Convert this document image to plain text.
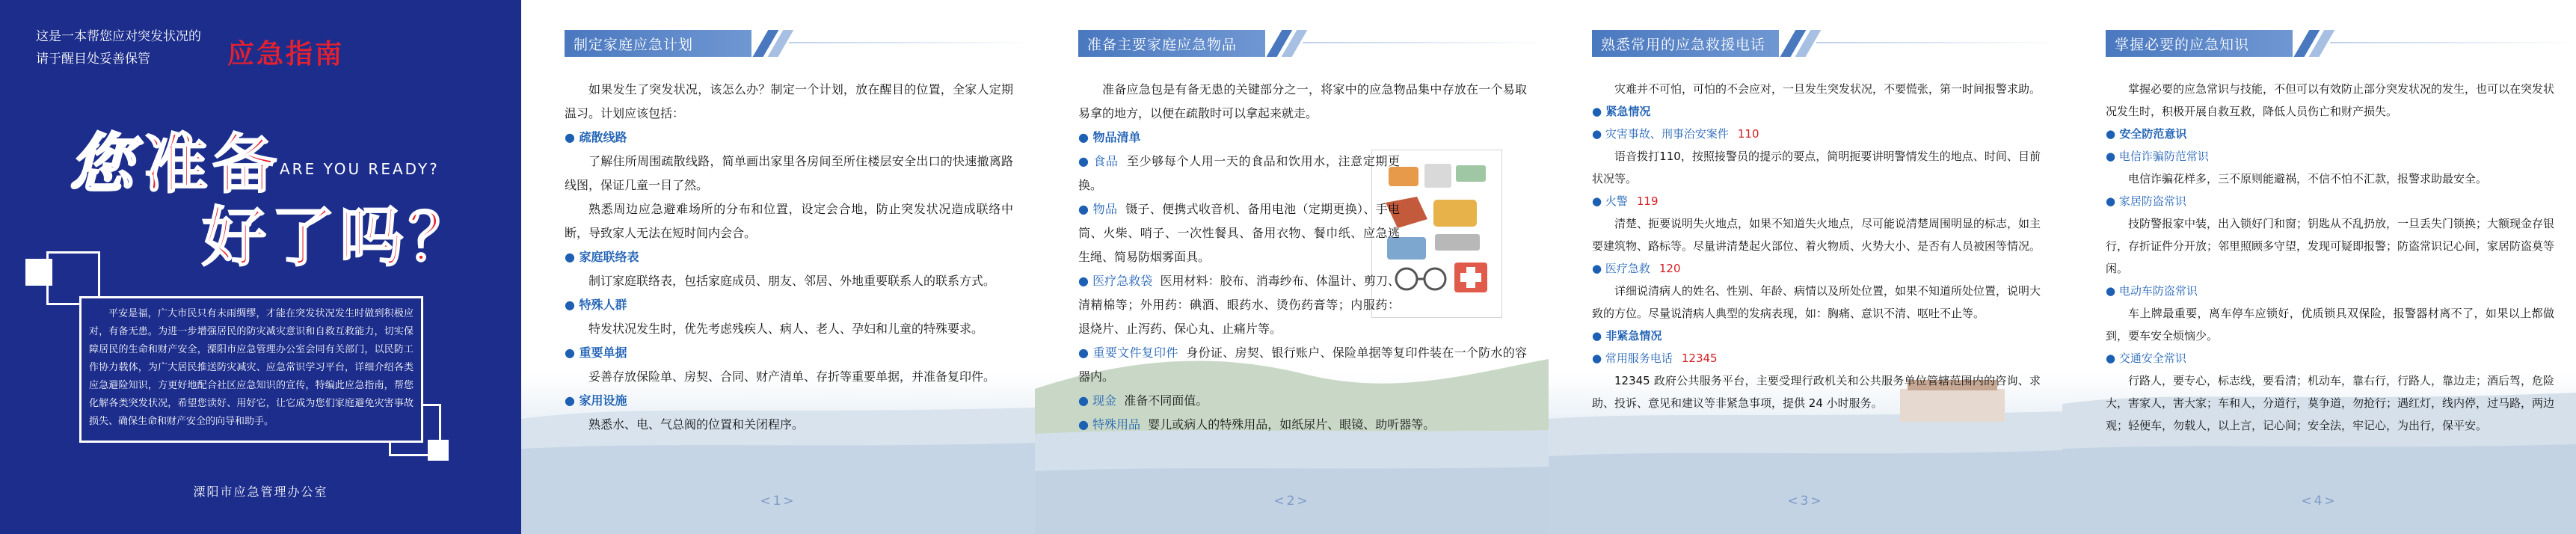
这是一本帮您应对突发状况的
请于醒目处妥善保管	应急指南
您 准备
ARE YOU READY?
好了吗？
平安是福，广大市民只有未雨绸缪，才能在突发状况发生时做到积极应对，有备无患。为进一步增强居民的防灾减灾意识和自救互救能力，切实保障居民的生命和财产安全，溧阳市应急管理办公室会同有关部门，以民防工作协力载体，为广大居民推送防灾减灾、应急常识学习平台，详细介绍各类应急避险知识，方更好地配合社区应急知识的宣传，特编此应急指南，帮您化解各类突发状况，希望您读好、用好它，让它成为您们家庭避免灾害事故损失、确保生命和财产安全的向导和助手。
溧阳市应急管理办公室
制定家庭应急计划

如果发生了突发状况，该怎么办？制定一个计划，放在醒目的位置，全家人定期温习。计划应该包括：

● 疏散线路

了解住所周围疏散线路，简单画出家里各房间至所住楼层安全出口的快速撤离路线图，保证几童一目了然。

熟悉周边应急避难场所的分布和位置，设定会合地，防止突发状况造成联络中断，导致家人无法在短时间内会合。

● 家庭联络表

制订家庭联络表，包括家庭成员、朋友、邻居、外地重要联系人的联系方式。

● 特殊人群

特发状况发生时，优先考虑残疾人、病人、老人、孕妇和儿童的特殊要求。

● 重要单据

妥善存放保险单、房契、合同、财产清单、存折等重要单据，并准备复印件。

● 家用设施

熟悉水、电、气总阀的位置和关闭程序。

<1>
准备主要家庭应急物品

准备应急包是有备无患的关键部分之一，将家中的应急物品集中存放在一个易取易拿的地方，以便在疏散时可以拿起来就走。

● 物品清单

● 食品 至少够每个人用一天的食品和饮用水，注意定期更换。

● 物品 镊子、便携式收音机、备用电池（定期更换）、手电筒、火柴、哨子、一次性餐具、备用衣物、餐巾纸、应急逃生绳、简易防烟雾面具。

● 医疗急救袋 医用材料：胶布、消毒纱布、体温计、剪刀、清精棉等；外用药：碘酒、眼药水、烫伤药膏等；内服药：退烧片、止泻药、保心丸、止痛片等。

● 重要文件复印件 身份证、房契、银行账户、保险单据等复印件装在一个防水的容器内。

● 现金 准备不同面值。

● 特殊用品 婴儿或病人的特殊用品，如纸尿片、眼镜、助听器等。

<2>
熟悉常用的应急救援电话

灾难并不可怕，可怕的不会应对，一旦发生突发状况，不要慌张，第一时间报警求助。

● 紧急情况

● 灾害事故、刑事治安案件 110

语音拨打110，按照接警员的提示的要点，简明扼要讲明警情发生的地点、时间、目前状况等。

● 火警 119

清楚、扼要说明失火地点，如果不知道失火地点，尽可能说清楚周围明显的标志，如主要建筑物、路标等。尽量讲清楚起火部位、着火物质、火势大小、是否有人员被困等情况。

● 医疗急救 120

详细说清病人的姓名、性别、年龄、病情以及所处位置，如果不知道所处位置，说明大致的方位。尽量说清病人典型的发病表现，如：胸痛、意识不清、呕吐不止等。

● 非紧急情况

● 常用服务电话 12345

12345 政府公共服务平台，主要受理行政机关和公共服务单位管辖范围内的咨询、求助、投诉、意见和建议等非紧急事项，提供 24 小时服务。

<3>
掌握必要的应急知识

掌握必要的应急常识与技能，不但可以有效防止部分突发状况的发生，也可以在突发状况发生时，积极开展自救互救，降低人员伤亡和财产损失。

● 安全防范意识

● 电信诈骗防范常识

电信诈骗花样多，三不原则能避祸，不信不怕不汇款，报警求助最安全。

● 家居防盗常识

技防警报家中装，出入锁好门和窗；钥匙从不乱扔放，一旦丢失门锁换；大额现金存银行，存折证件分开放；邻里照顾多守望，发现可疑即报警；防盗常识记心间，家居防盗莫等闲。

● 电动车防盗常识

车上牌最重要，离车停车应锁好，优质锁具双保险，报警器材离不了，如果以上都做到，要车安全烦恼少。

● 交通安全常识

行路人，要专心，标志线，要看清；机动车，靠右行，行路人，靠边走；酒后驾，危险大，害家人，害大家；车和人，分道行，莫争道，勿抢行；遇红灯，线内停，过马路，两边观；轻便车，勿载人，以上言，记心间；安全法，牢记心，为出行，保平安。

<4>
